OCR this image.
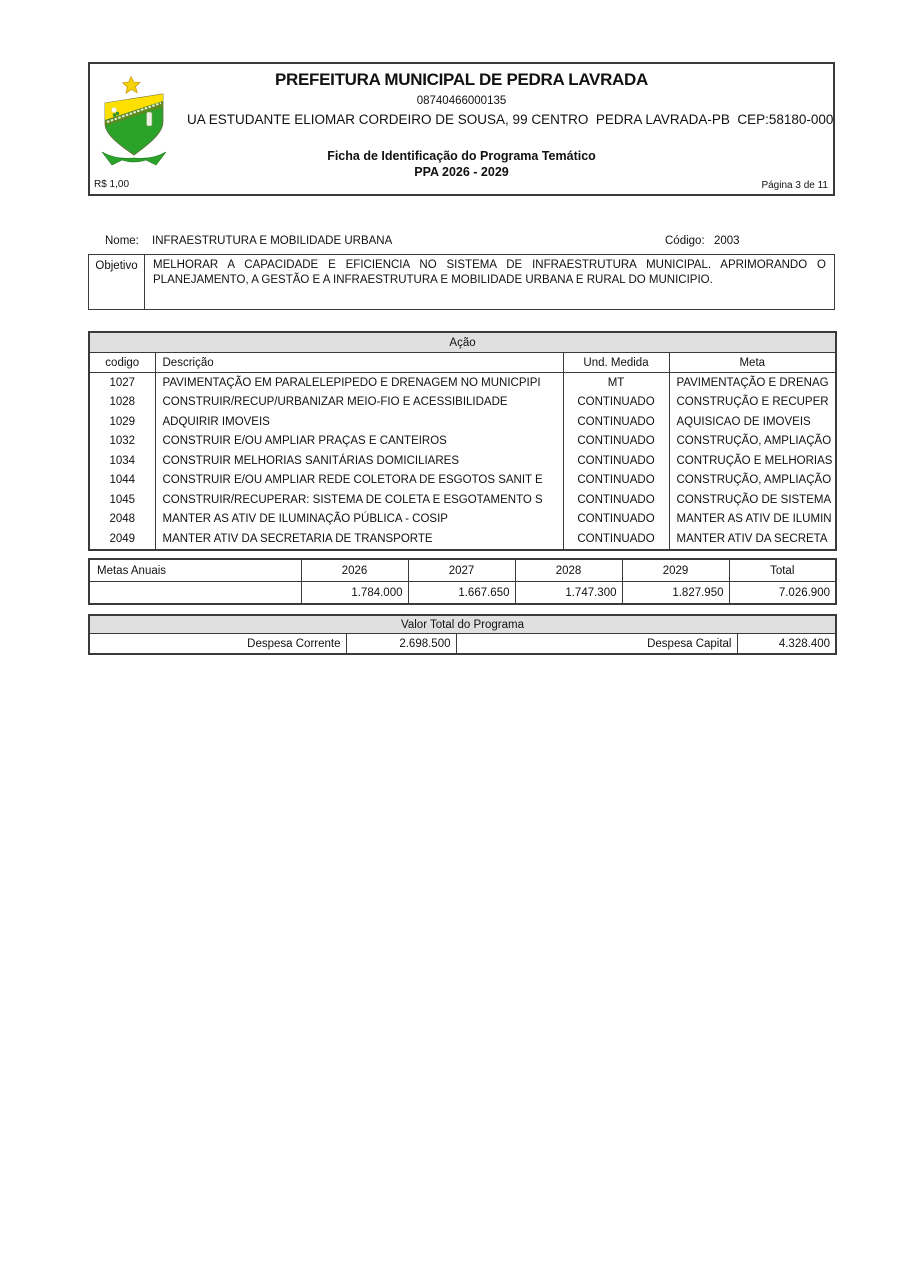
PREFEITURA MUNICIPAL DE PEDRA LAVRADA
08740466000135
UA ESTUDANTE ELIOMAR CORDEIRO DE SOUSA, 99 CENTRO  PEDRA LAVRADA-PB  CEP:58180-000
Ficha de Identificação do Programa Temático
PPA 2026 - 2029
R$ 1,00	Página 3 de 11
Nome: INFRAESTRUTURA E MOBILIDADE URBANA	Código: 2003
Objetivo	MELHORAR A CAPACIDADE E EFICIENCIA NO SISTEMA DE INFRAESTRUTURA MUNICIPAL. APRIMORANDO O PLANEJAMENTO, A GESTÃO E A INFRAESTRUTURA E MOBILIDADE URBANA E RURAL DO MUNICIPIO.
Ação			
codigo	Descrição	Und. Medida	Meta
1027	PAVIMENTAÇÃO EM PARALELEPIPEDO E DRENAGEM NO MUNICPIPI	MT	PAVIMENTAÇÃO E DRENAG
1028	CONSTRUIR/RECUP/URBANIZAR MEIO-FIO E ACESSIBILIDADE	CONTINUADO	CONSTRUÇÃO E RECUPER
1029	ADQUIRIR IMOVEIS	CONTINUADO	AQUISICAO DE IMOVEIS
1032	CONSTRUIR E/OU AMPLIAR PRAÇAS E CANTEIROS	CONTINUADO	CONSTRUÇÃO, AMPLIAÇÃO
1034	CONSTRUIR MELHORIAS SANITÁRIAS DOMICILIARES	CONTINUADO	CONTRUÇÃO E MELHORIAS
1044	CONSTRUIR E/OU AMPLIAR REDE COLETORA DE ESGOTOS SANIT E	CONTINUADO	CONSTRUÇÃO, AMPLIAÇÃO
1045	CONSTRUIR/RECUPERAR: SISTEMA DE COLETA E ESGOTAMENTO S	CONTINUADO	CONSTRUÇÃO DE SISTEMA
2048	MANTER AS ATIV DE ILUMINAÇÃO PÚBLICA - COSIP	CONTINUADO	MANTER AS ATIV DE ILUMIN
2049	MANTER ATIV DA SECRETARIA DE TRANSPORTE	CONTINUADO	MANTER ATIV DA SECRETA
Metas Anuais	2026	2027	2028	2029	Total
	1.784.000	1.667.650	1.747.300	1.827.950	7.026.900
Valor Total do Programa
Despesa Corrente	2.698.500	Despesa Capital	4.328.400
